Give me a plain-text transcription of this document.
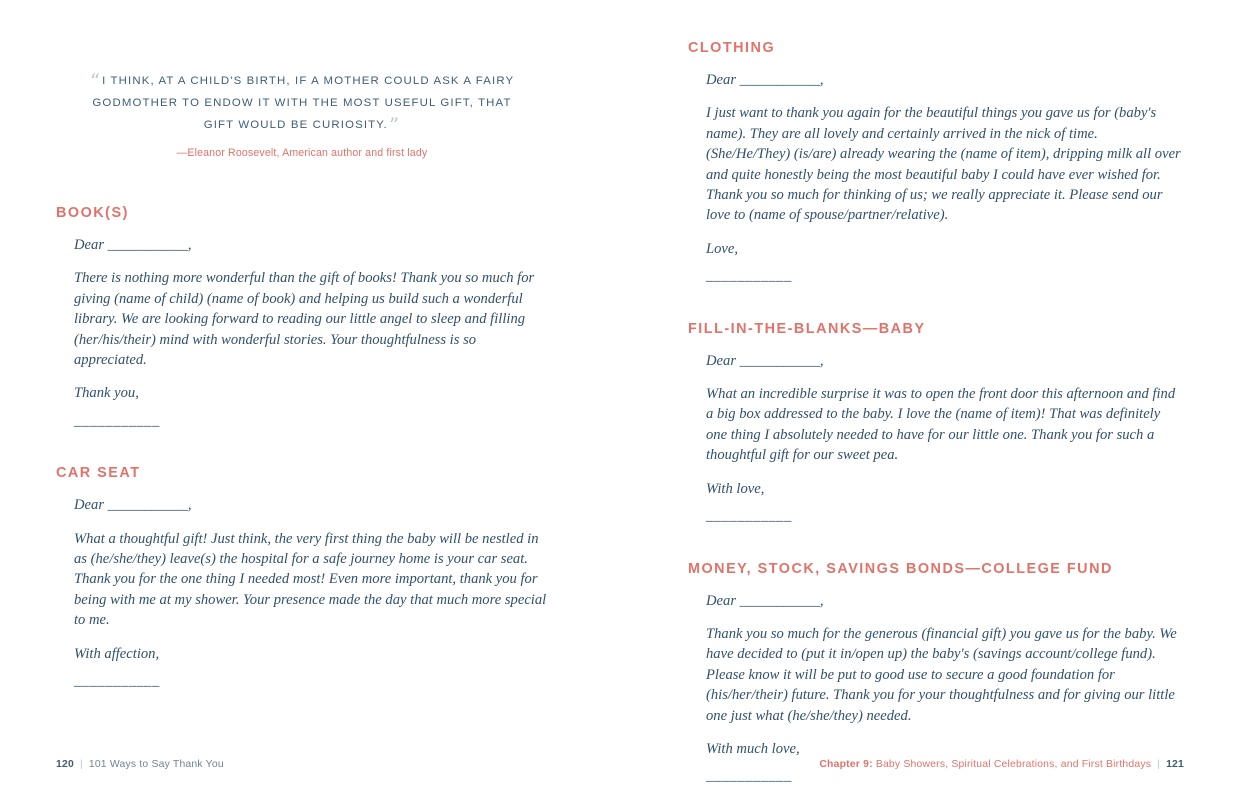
“I THINK, AT A CHILD'S BIRTH, IF A MOTHER COULD ASK A FAIRY GODMOTHER TO ENDOW IT WITH THE MOST USEFUL GIFT, THAT GIFT WOULD BE CURIOSITY.”
—Eleanor Roosevelt, American author and first lady
BOOK(S)

Dear ___________,

There is nothing more wonderful than the gift of books! Thank you so much for giving (name of child) (name of book) and helping us build such a wonderful library. We are looking forward to reading our little angel to sleep and filling (her/his/their) mind with wonderful stories. Your thoughtfulness is so appreciated.

Thank you,

___________

CAR SEAT

Dear ___________,

What a thoughtful gift! Just think, the very first thing the baby will be nestled in as (he/she/they) leave(s) the hospital for a safe journey home is your car seat. Thank you for the one thing I needed most! Even more important, thank you for being with me at my shower. Your presence made the day that much more special to me.

With affection,

___________

120 | 101 Ways to Say Thank You
CLOTHING

Dear ___________,

I just want to thank you again for the beautiful things you gave us for (baby's name). They are all lovely and certainly arrived in the nick of time. (She/He/They) (is/are) already wearing the (name of item), dripping milk all over and quite honestly being the most beautiful baby I could have ever wished for. Thank you so much for thinking of us; we really appreciate it. Please send our love to (name of spouse/partner/relative).

Love,

___________

FILL-IN-THE-BLANKS—BABY

Dear ___________,

What an incredible surprise it was to open the front door this afternoon and find a big box addressed to the baby. I love the (name of item)! That was definitely one thing I absolutely needed to have for our little one. Thank you for such a thoughtful gift for our sweet pea.

With love,

___________

MONEY, STOCK, SAVINGS BONDS—COLLEGE FUND

Dear ___________,

Thank you so much for the generous (financial gift) you gave us for the baby. We have decided to (put it in/open up) the baby's (savings account/college fund). Please know it will be put to good use to secure a good foundation for (his/her/their) future. Thank you for your thoughtfulness and for giving our little one just what (he/she/they) needed.

With much love,

___________

Chapter 9: Baby Showers, Spiritual Celebrations, and First Birthdays | 121
